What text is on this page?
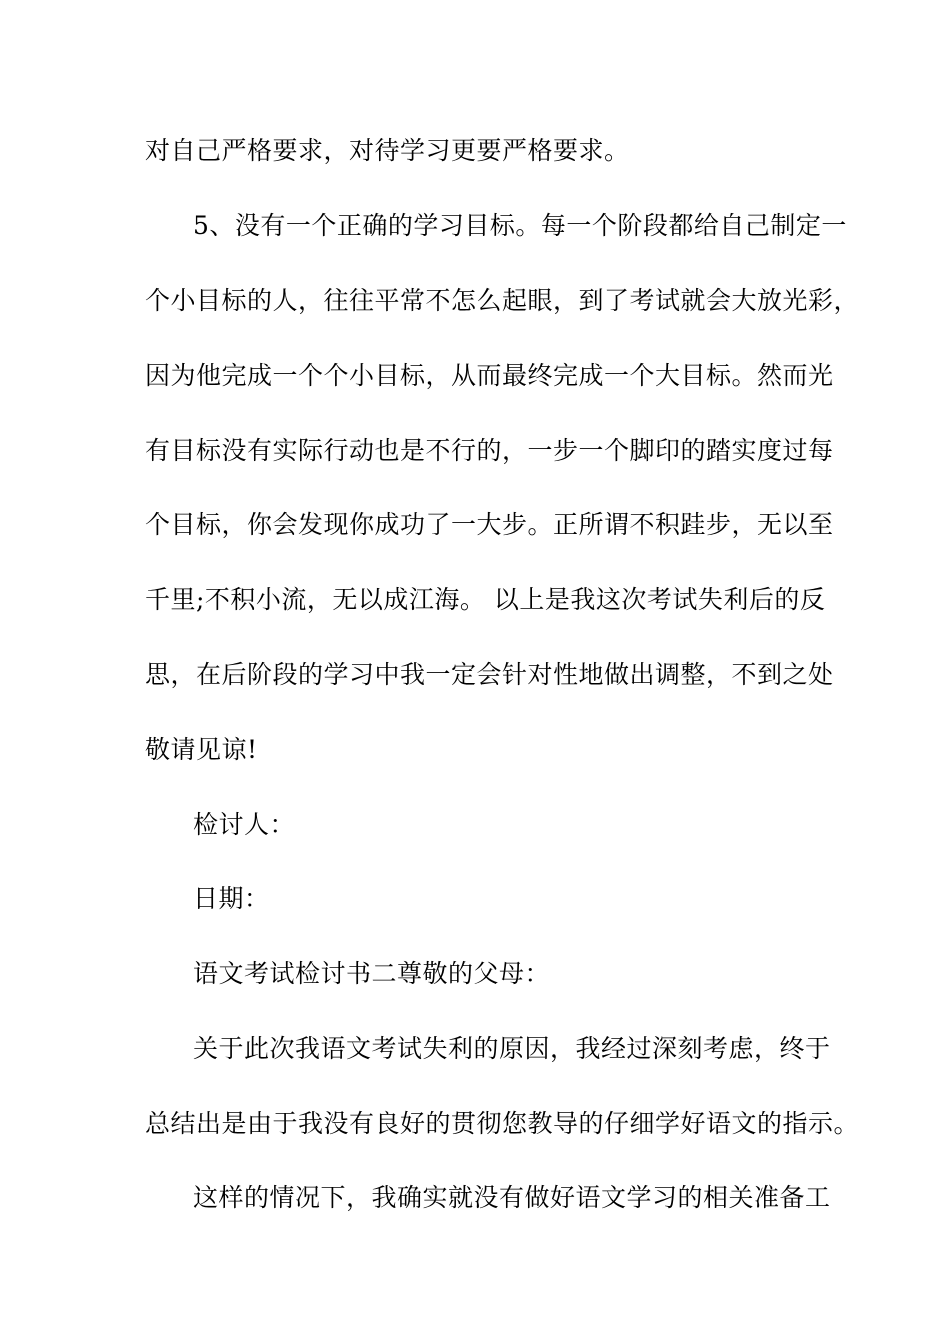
对自己严格要求，对待学习更要严格要求。
5、没有一个正确的学习目标。每一个阶段都给自己制定一
个小目标的人，往往平常不怎么起眼，到了考试就会大放光彩，
因为他完成一个个小目标，从而最终完成一个大目标。然而光
有目标没有实际行动也是不行的，一步一个脚印的踏实度过每
个目标，你会发现你成功了一大步。正所谓不积跬步，无以至
千里;不积小流，无以成江海。 以上是我这次考试失利后的反
思，在后阶段的学习中我一定会针对性地做出调整，不到之处
敬请见谅!
检讨人：
日期：
语文考试检讨书二尊敬的父母：
关于此次我语文考试失利的原因，我经过深刻考虑，终于
总结出是由于我没有良好的贯彻您教导的仔细学好语文的指示。
这样的情况下，我确实就没有做好语文学习的相关准备工
